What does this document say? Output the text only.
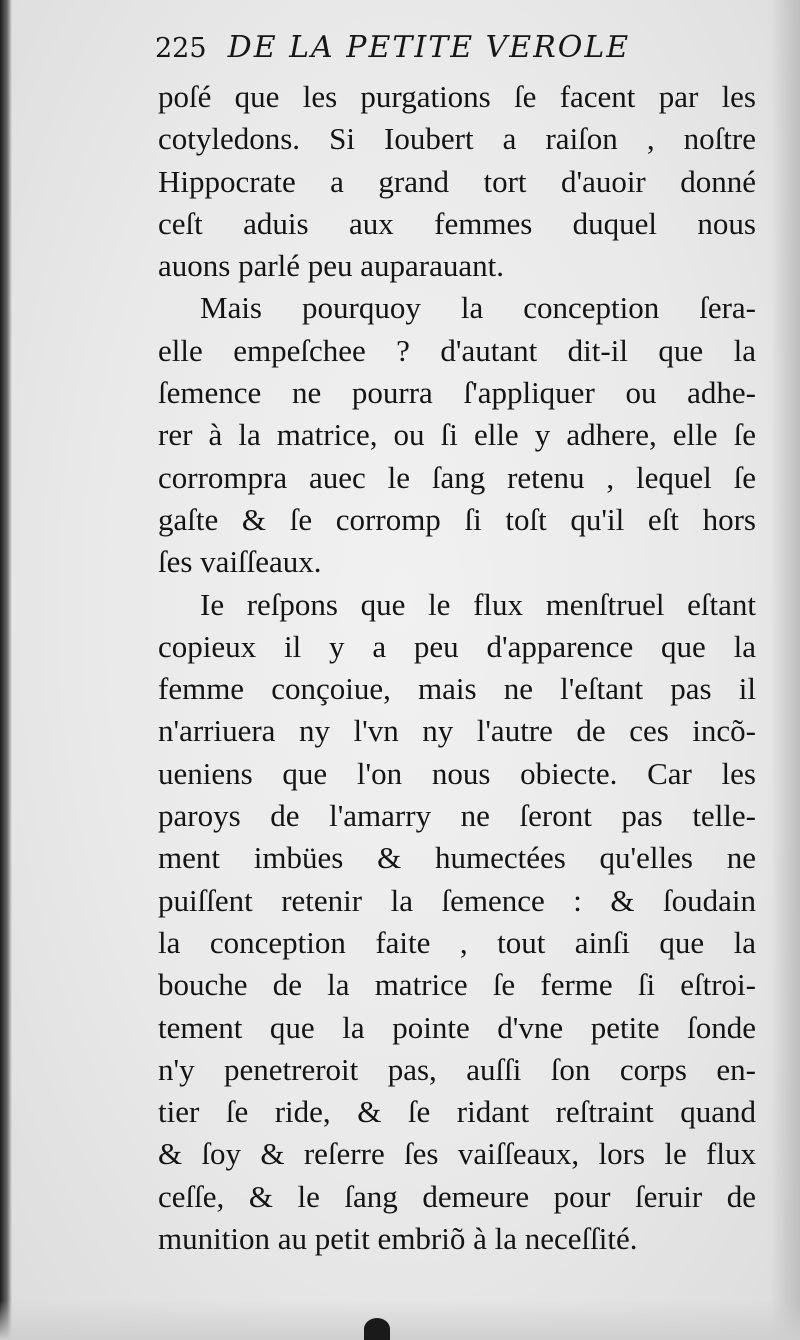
225 DE LA PETITE VEROLE
poſé que les purgations ſe facent par les
cotyledons. Si Ioubert a raiſon , noſtre
Hippocrate a grand tort d'auoir donné
ceſt aduis aux femmes duquel nous
auons parlé peu auparauant.
Mais pourquoy la conception ſera-
elle empeſchee ? d'autant dit-il que la
ſemence ne pourra ſ'appliquer ou adhe-
rer à la matrice, ou ſi elle y adhere, elle ſe
corrompra auec le ſang retenu , lequel ſe
gaſte & ſe corromp ſi toſt qu'il eſt hors
ſes vaiſſeaux.
Ie reſpons que le flux menſtruel eſtant
copieux il y a peu d'apparence que la
femme conçoiue, mais ne l'eſtant pas il
n'arriuera ny l'vn ny l'autre de ces incõ-
ueniens que l'on nous obiecte. Car les
paroys de l'amarry ne ſeront pas telle-
ment imbües & humectées qu'elles ne
puiſſent retenir la ſemence : & ſoudain
la conception faite , tout ainſi que la
bouche de la matrice ſe ferme ſi eſtroi-
tement que la pointe d'vne petite ſonde
n'y penetreroit pas, auſſi ſon corps en-
tier ſe ride, & ſe ridant reſtraint quand
& ſoy & reſerre ſes vaiſſeaux, lors le flux
ceſſe, & le ſang demeure pour ſeruir de
munition au petit embriõ à la neceſſité.
